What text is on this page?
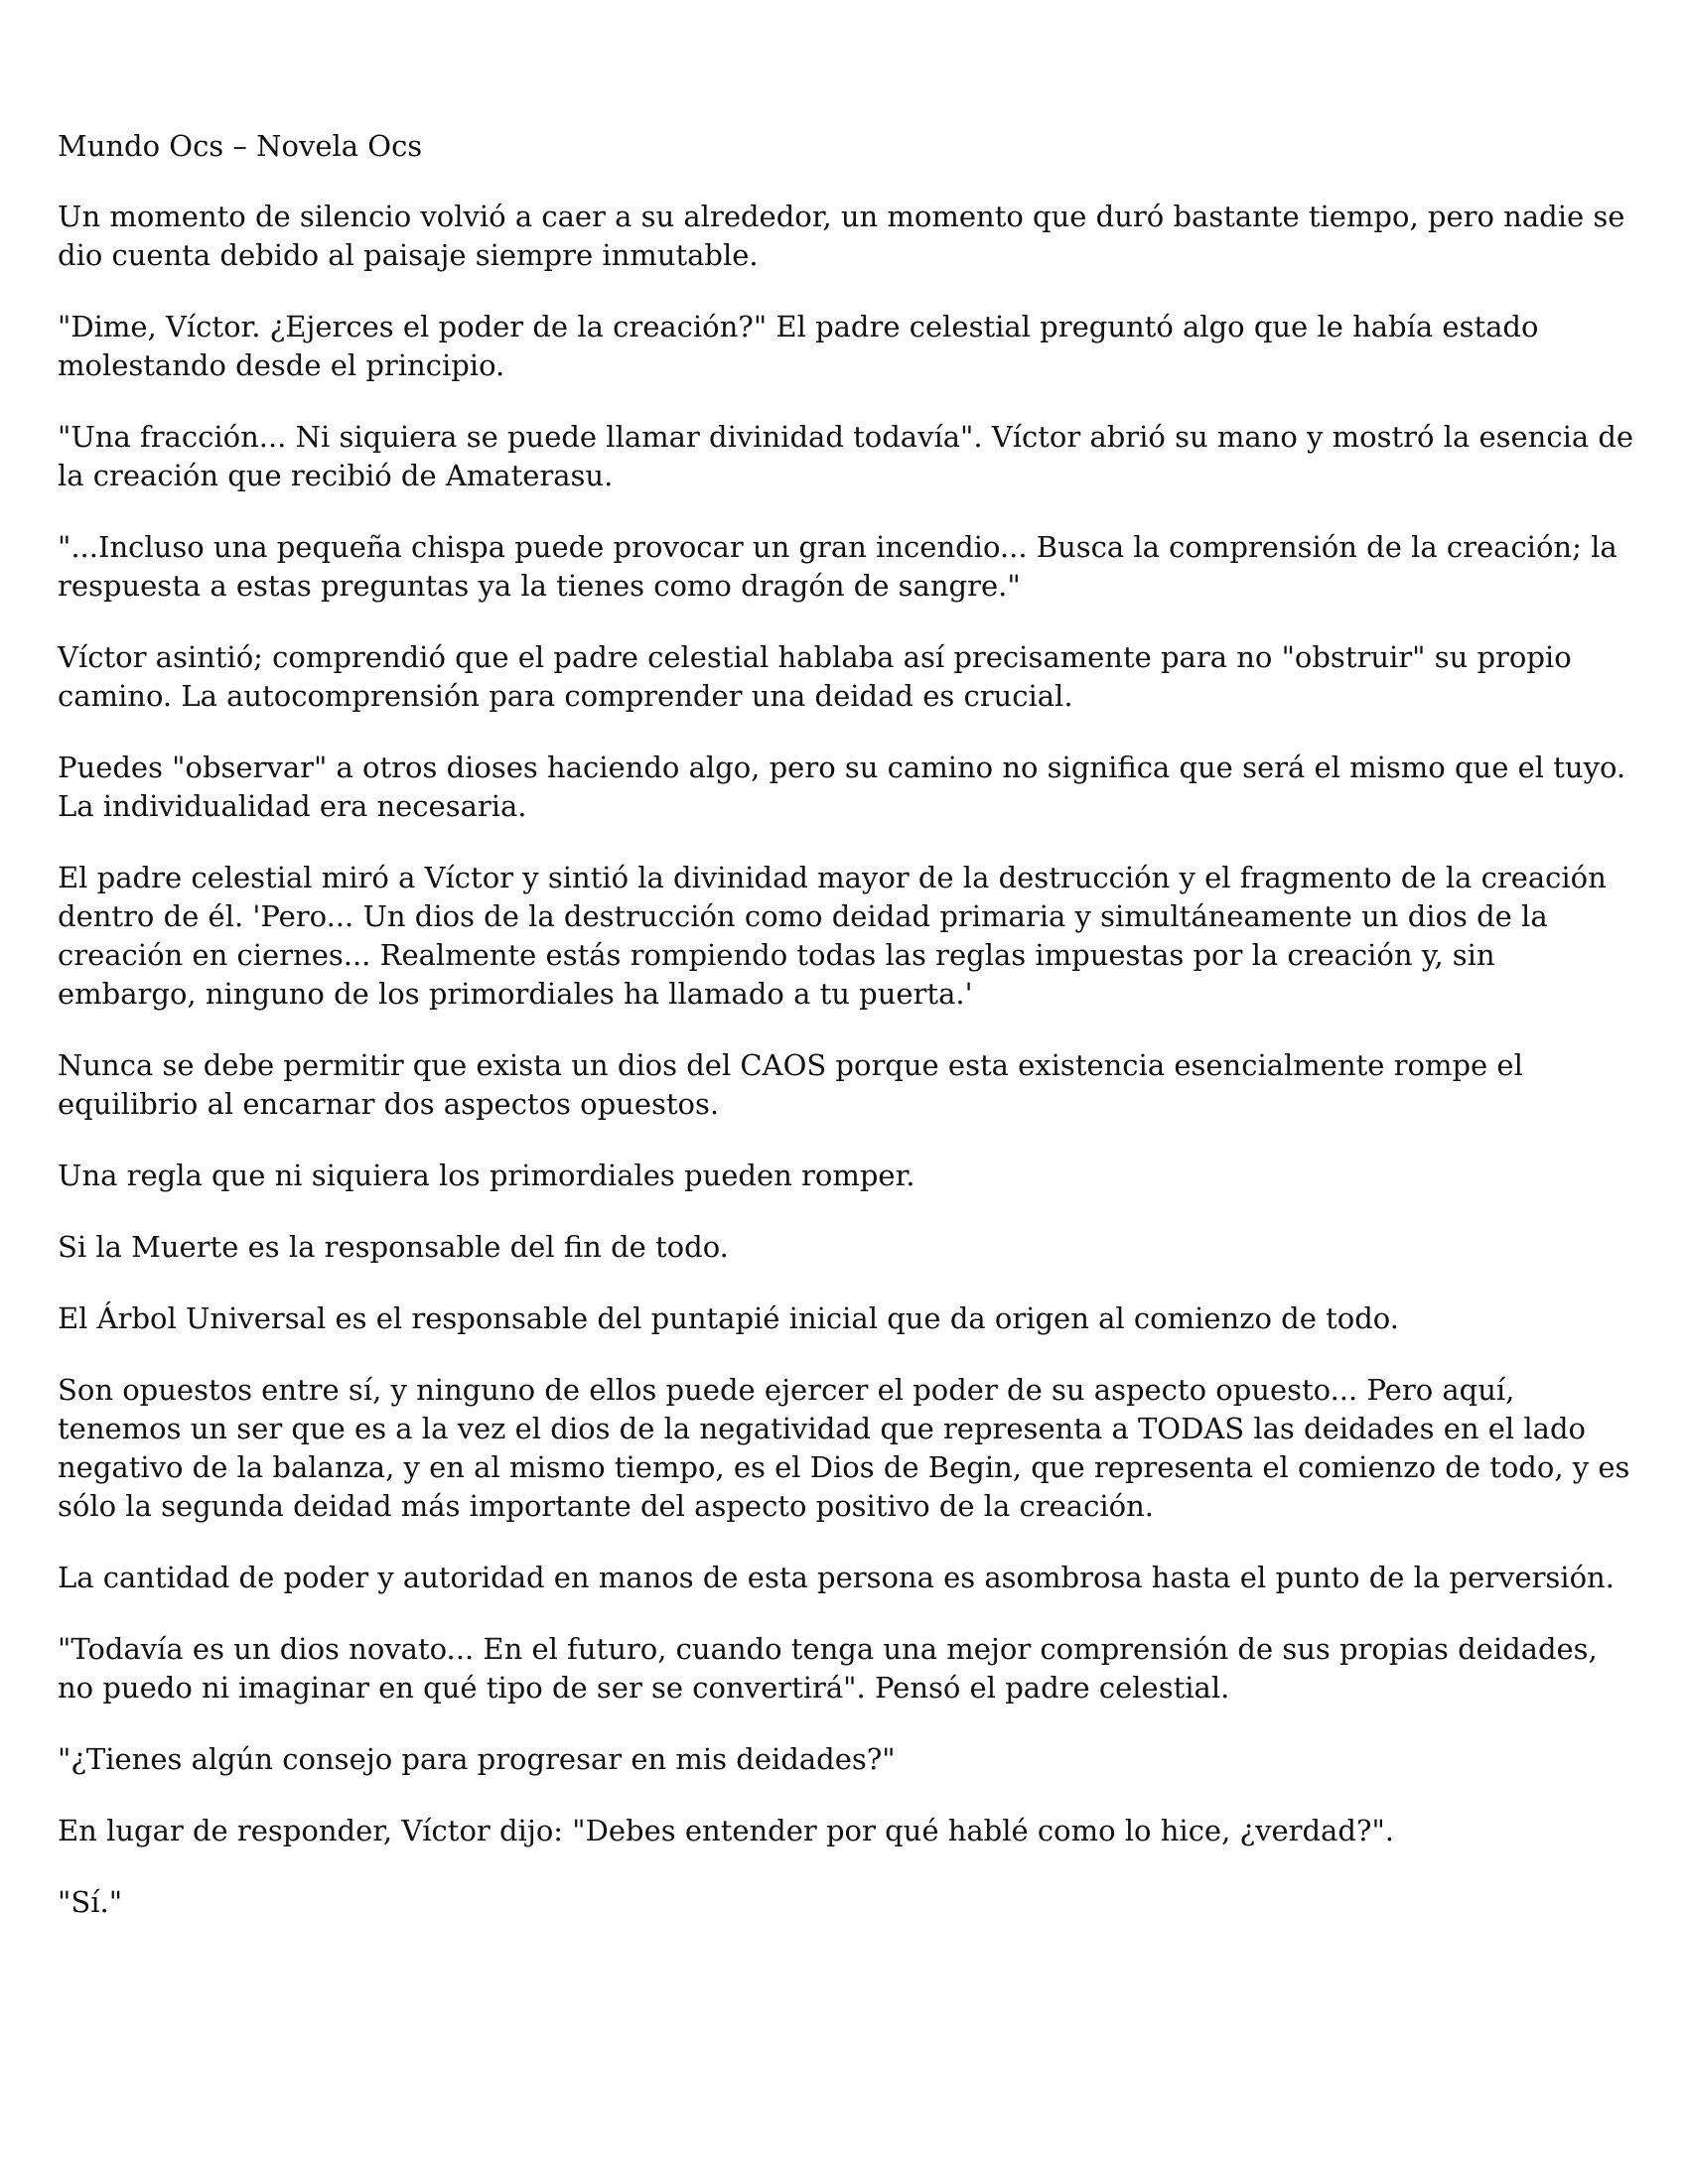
Mundo Ocs – Novela Ocs

Un momento de silencio volvió a caer a su alrededor, un momento que duró bastante tiempo, pero nadie se dio cuenta debido al paisaje siempre inmutable.

"Dime, Víctor. ¿Ejerces el poder de la creación?" El padre celestial preguntó algo que le había estado molestando desde el principio.

"Una fracción... Ni siquiera se puede llamar divinidad todavía". Víctor abrió su mano y mostró la esencia de la creación que recibió de Amaterasu.

"...Incluso una pequeña chispa puede provocar un gran incendio... Busca la comprensión de la creación; la respuesta a estas preguntas ya la tienes como dragón de sangre."

Víctor asintió; comprendió que el padre celestial hablaba así precisamente para no "obstruir" su propio camino. La autocomprensión para comprender una deidad es crucial.

Puedes "observar" a otros dioses haciendo algo, pero su camino no significa que será el mismo que el tuyo. La individualidad era necesaria.

El padre celestial miró a Víctor y sintió la divinidad mayor de la destrucción y el fragmento de la creación dentro de él. 'Pero... Un dios de la destrucción como deidad primaria y simultáneamente un dios de la creación en ciernes... Realmente estás rompiendo todas las reglas impuestas por la creación y, sin embargo, ninguno de los primordiales ha llamado a tu puerta.'

Nunca se debe permitir que exista un dios del CAOS porque esta existencia esencialmente rompe el equilibrio al encarnar dos aspectos opuestos.

Una regla que ni siquiera los primordiales pueden romper.

Si la Muerte es la responsable del fin de todo.

El Árbol Universal es el responsable del puntapié inicial que da origen al comienzo de todo.

Son opuestos entre sí, y ninguno de ellos puede ejercer el poder de su aspecto opuesto... Pero aquí, tenemos un ser que es a la vez el dios de la negatividad que representa a TODAS las deidades en el lado negativo de la balanza, y en al mismo tiempo, es el Dios de Begin, que representa el comienzo de todo, y es sólo la segunda deidad más importante del aspecto positivo de la creación.

La cantidad de poder y autoridad en manos de esta persona es asombrosa hasta el punto de la perversión.

"Todavía es un dios novato... En el futuro, cuando tenga una mejor comprensión de sus propias deidades, no puedo ni imaginar en qué tipo de ser se convertirá". Pensó el padre celestial.

"¿Tienes algún consejo para progresar en mis deidades?"

En lugar de responder, Víctor dijo: "Debes entender por qué hablé como lo hice, ¿verdad?".

"Sí."
